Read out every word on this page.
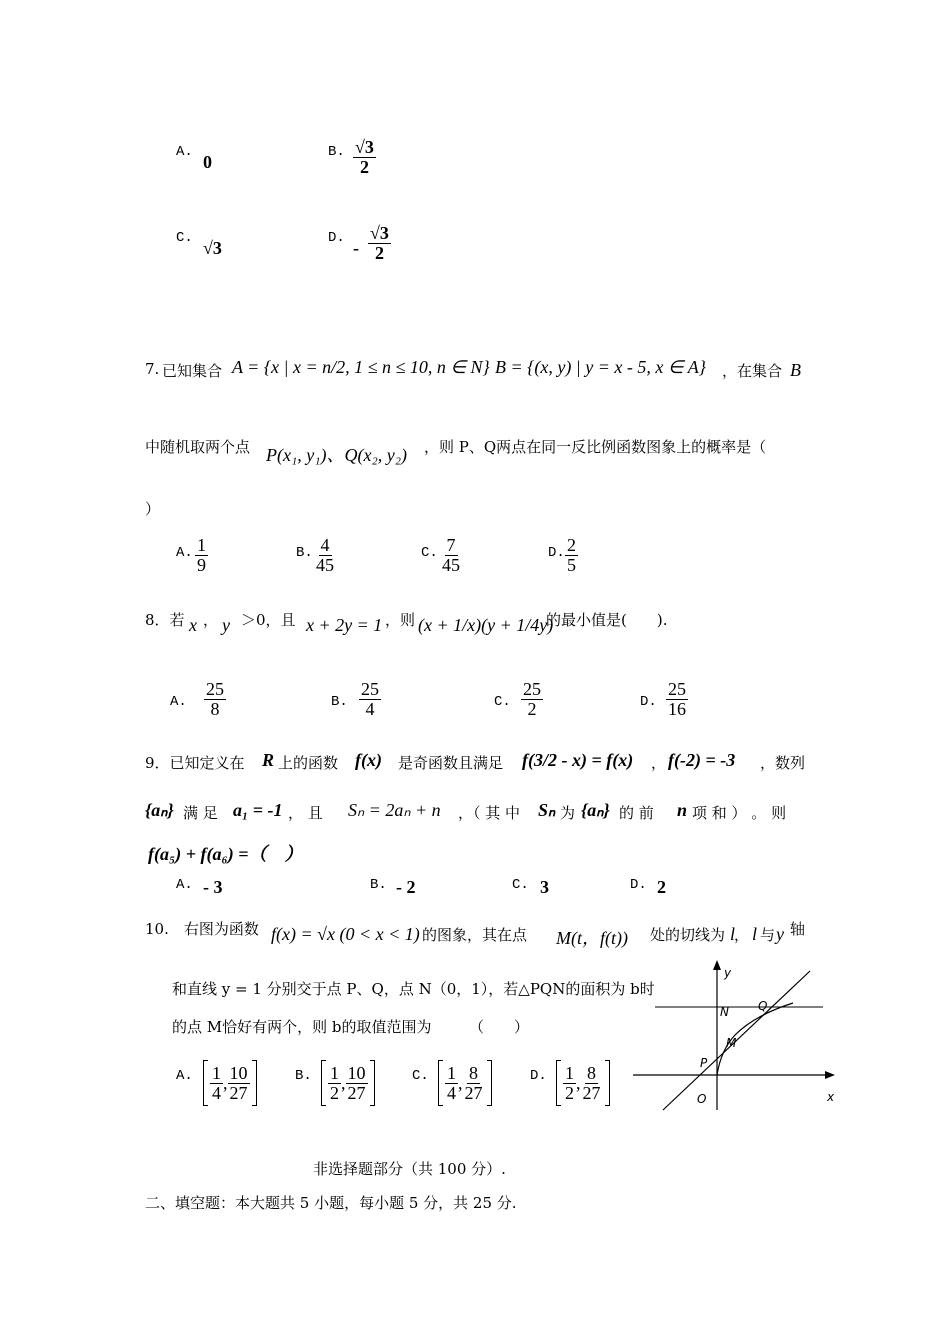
A. 0	B. $\frac{√3}{2}$
C. √3	D. - $\frac{√3}{2}$
7. 已知集合 A = {x | x = n/2, 1 ≤ n ≤ 10, n ∈ N} B = {(x, y) | y = x - 5, x ∈ A} ，在集合 B
中随机取两个点 P(x₁, y₁)、Q(x₂, y₂) ，则 P、Q两点在同一反比例函数图象上的概率是（
）
A. $\frac{1}{9}$	B. $\frac{4}{45}$	C. $\frac{7}{45}$	D. $\frac{2}{5}$
8．若 x ， y ＞0，且 x + 2y = 1 ，则 (x + 1/x)(y + 1/4y)
的最小值是(　　).
A. $\frac{25}{8}$	B. $\frac{25}{4}$	C. $\frac{25}{2}$	D. $\frac{25}{16}$
9．已知定义在 R 上的函数 f(x) 是奇函数且满足 f(3/2 - x) = f(x) ， f(-2) = -3 ，数列
{aₙ} 满 足 a₁ = -1 ， 且 Sₙ = 2aₙ + n ，（ 其 中 Sₙ 为 {aₙ} 的 前 n 项 和 ） 。 则
f(a₅) + f(a₆) =（　）
A. - 3	B. - 2	C. 3	D. 2
10.　右图为函数 f(x) = √x (0 < x < 1) 的图象，其在点 M(t，f(t)) 处的切线为 l
， l 与 y 轴
和直线 y = 1 分别交于点 P、Q，点 N（0，1），若△PQN的面积为 b时
的点 M恰好有两个，则 b的取值范围为　　　（　　）
A. $\frac{1}{4}$ , $\frac{10}{27}$	B. $\frac{1}{2}$ , $\frac{10}{27}$	C. $\frac{1}{4}$ , $\frac{8}{27}$	D. $\frac{1}{2}$ , $\frac{8}{27}$
y
x
O
N Q
M
P
非选择题部分（共 100 分）.
二、填空题：本大题共 5 小题，每小题 5 分，共 25 分.
